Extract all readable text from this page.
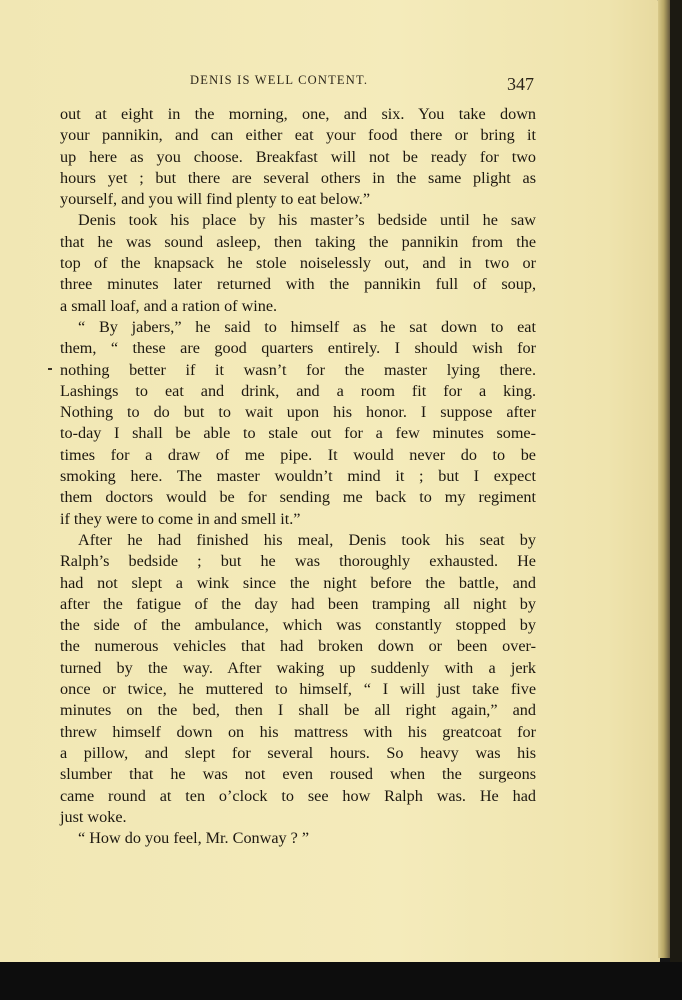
DENIS IS WELL CONTENT.	347
out at eight in the morning, one, and six. You take down
your pannikin, and can either eat your food there or bring it
up here as you choose. Breakfast will not be ready for two
hours yet ; but there are several others in the same plight as
yourself, and you will find plenty to eat below.”
Denis took his place by his master’s bedside until he saw
that he was sound asleep, then taking the pannikin from the
top of the knapsack he stole noiselessly out, and in two or
three minutes later returned with the pannikin full of soup,
a small loaf, and a ration of wine.
“ By jabers,” he said to himself as he sat down to eat
them, “ these are good quarters entirely. I should wish for
nothing better if it wasn’t for the master lying there.
Lashings to eat and drink, and a room fit for a king.
Nothing to do but to wait upon his honor. I suppose after
to-day I shall be able to stale out for a few minutes some-
times for a draw of me pipe. It would never do to be
smoking here. The master wouldn’t mind it ; but I expect
them doctors would be for sending me back to my regiment
if they were to come in and smell it.”
After he had finished his meal, Denis took his seat by
Ralph’s bedside ; but he was thoroughly exhausted. He
had not slept a wink since the night before the battle, and
after the fatigue of the day had been tramping all night by
the side of the ambulance, which was constantly stopped by
the numerous vehicles that had broken down or been over-
turned by the way. After waking up suddenly with a jerk
once or twice, he muttered to himself, “ I will just take five
minutes on the bed, then I shall be all right again,” and
threw himself down on his mattress with his greatcoat for
a pillow, and slept for several hours. So heavy was his
slumber that he was not even roused when the surgeons
came round at ten o’clock to see how Ralph was. He had
just woke.
“ How do you feel, Mr. Conway ? ”
